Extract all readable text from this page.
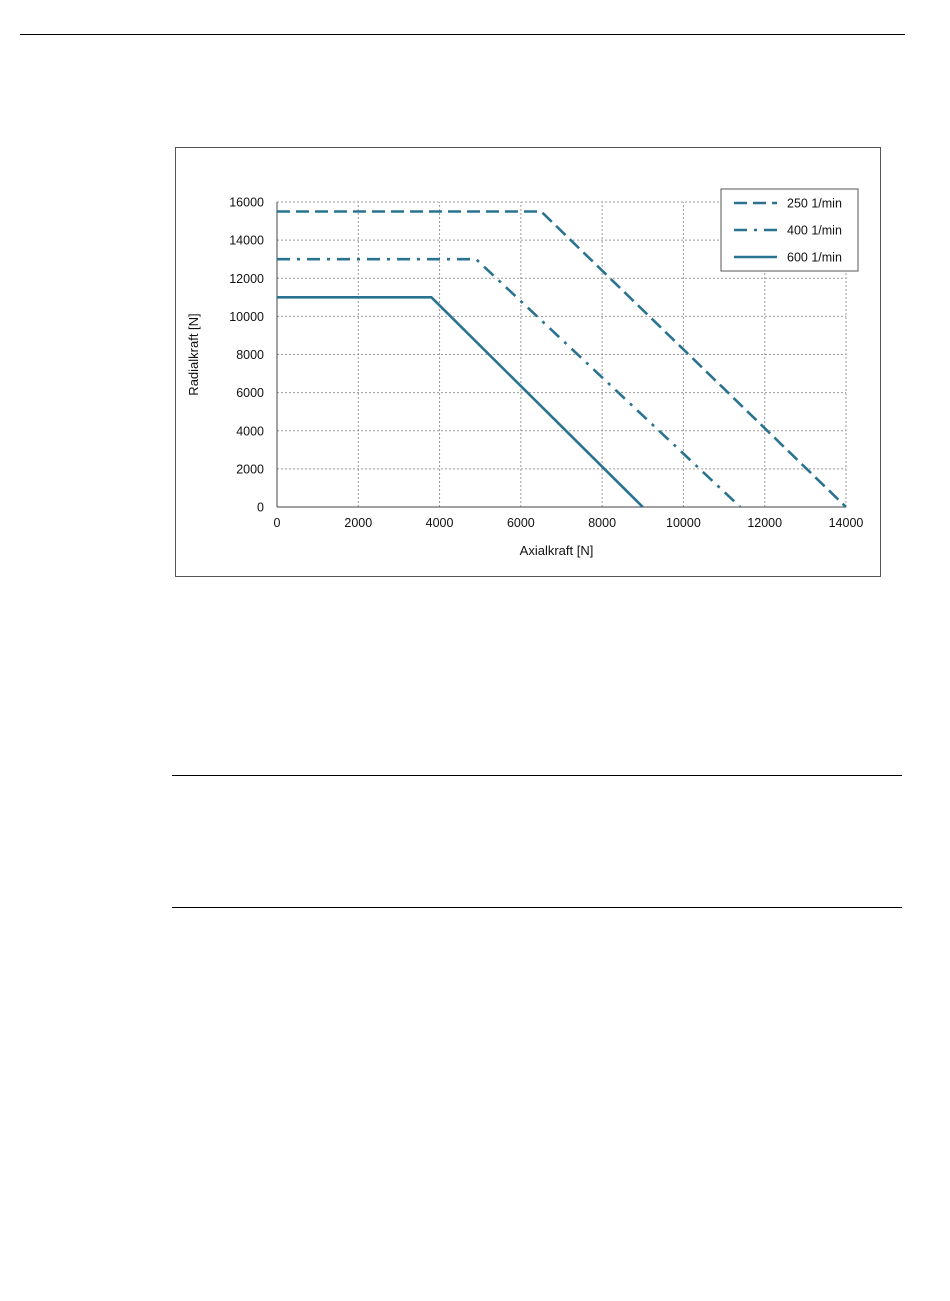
0	2000	4000	6000	8000	10000	12000	14000
0
2000
4000
6000
8000
10000
12000
14000
16000
Axialkraft [N]
Radialkraft [N]
250 1/min
400 1/min
600 1/min
